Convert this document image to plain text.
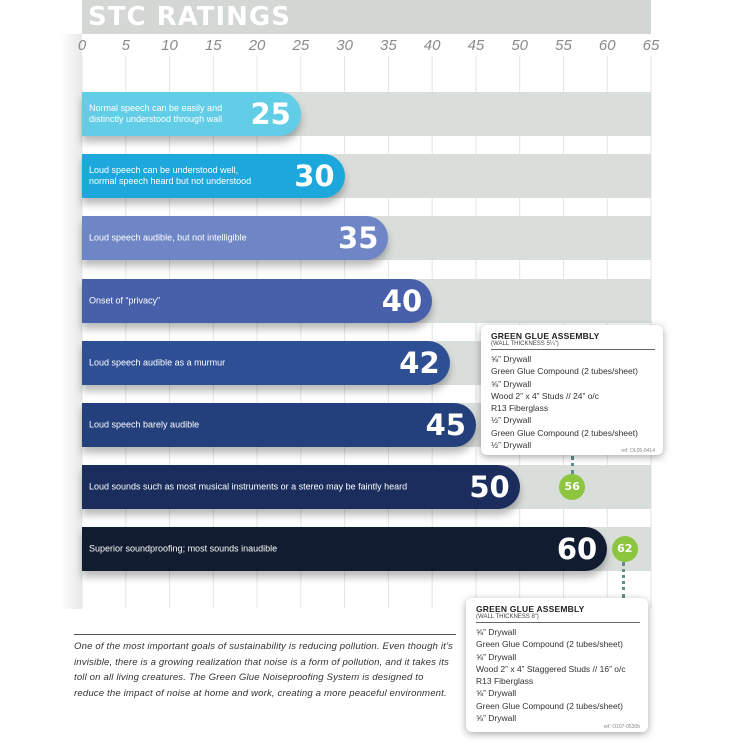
STC RATINGS
0	5	10	15	20	25	30	35	40	45	50	55	60	65
Normal speech can be easily and
distinctly understood through wall 25
Loud speech can be understood well,
normal speech heard but not understood 30
Loud speech audible, but not intelligible	35
Onset of “privacy”	40
Loud speech audible as a murmur	42
Loud speech barely audible	45
Loud sounds such as most musical instruments or a stereo may be faintly heard 50
Superior soundproofing; most sounds inaudible	60
56
62
GREEN GLUE ASSEMBLY
(WALL THICKNESS 5¼”)
⅝” Drywall
Green Glue Compound (2 tubes/sheet)
⅝” Drywall
Wood 2” x 4” Studs // 24” o/c
R13 Fiberglass
½” Drywall
Green Glue Compound (2 tubes/sheet)
½” Drywall
ref: OL05-0414
GREEN GLUE ASSEMBLY
(WALL THICKNESS 8”)
⅝” Drywall
Green Glue Compound (2 tubes/sheet)
⅝” Drywall
Wood 2” x 4” Staggered Studs // 16” o/c
R13 Fiberglass
⅝” Drywall
Green Glue Compound (2 tubes/sheet)
⅝” Drywall
ref: O107-0530b

One of the most important goals of sustainability is reducing pollution. Even though it’s invisible, there is a growing realization that noise is a form of pollution, and it takes its toll on all living creatures. The Green Glue Noiseproofing System is designed to reduce the impact of noise at home and work, creating a more peaceful environment.
